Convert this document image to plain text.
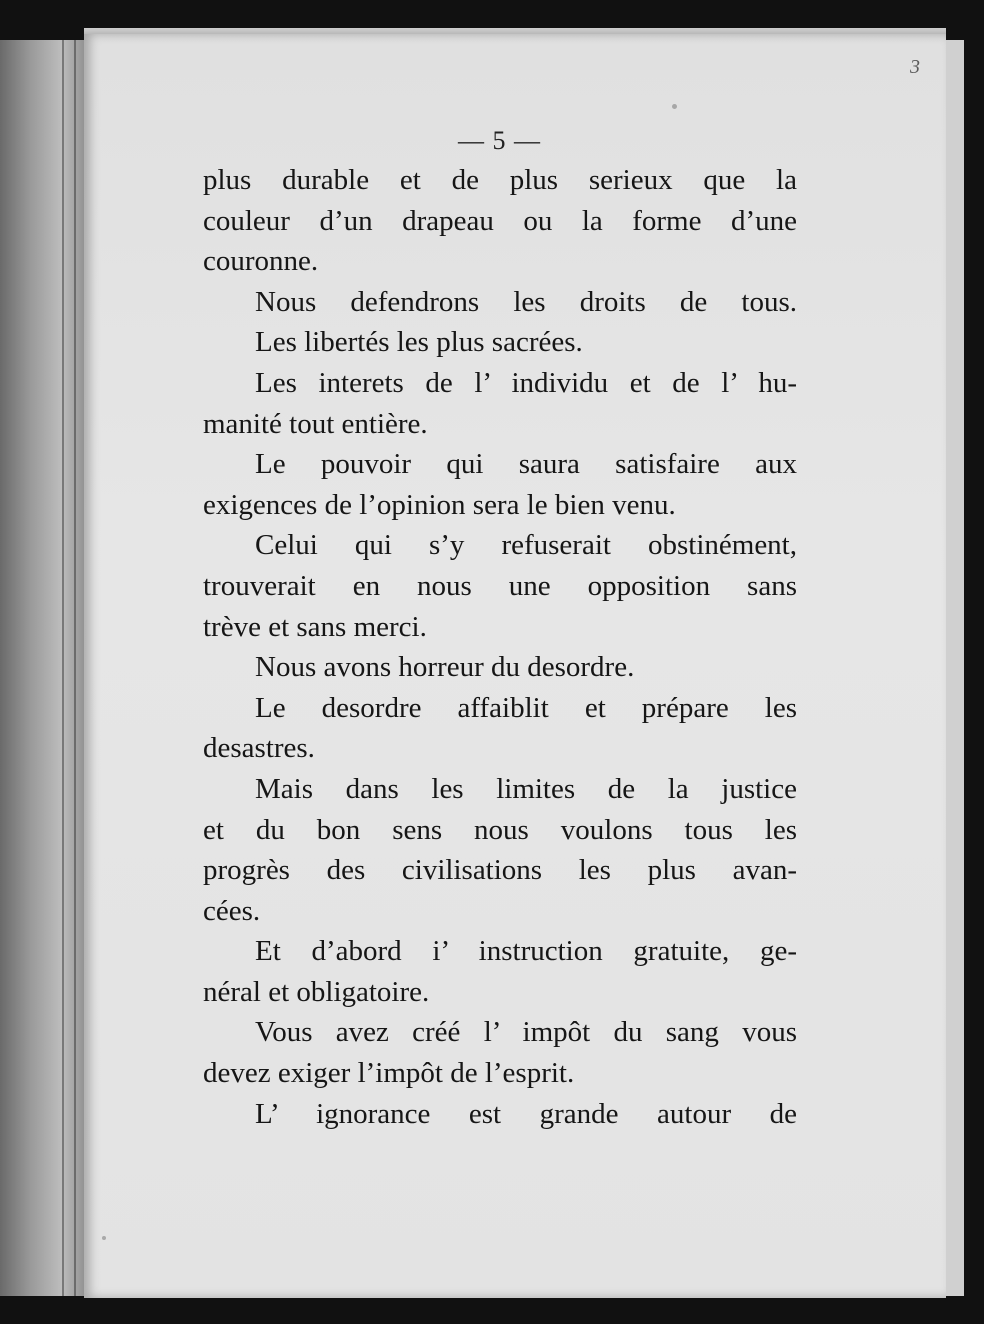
3
— 5 —
plus durable et de plus serieux que la
couleur d’un drapeau ou la forme d’une
couronne.
Nous defendrons les droits de tous.
Les libertés les plus sacrées.
Les interets de l’ individu et de l’ hu-
manité tout entière.
Le pouvoir qui saura satisfaire aux
exigences de l’opinion sera le bien venu.
Celui qui s’y refuserait obstinément,
trouverait en nous une opposition sans
trève et sans merci.
Nous avons horreur du desordre.
Le desordre affaiblit et prépare les
desastres.
Mais dans les limites de la justice
et du bon sens nous voulons tous les
progrès des civilisations les plus avan-
cées.
Et d’abord i’ instruction gratuite, ge-
néral et obligatoire.
Vous avez créé l’ impôt du sang vous
devez exiger l’impôt de l’esprit.
L’ ignorance est grande autour de
